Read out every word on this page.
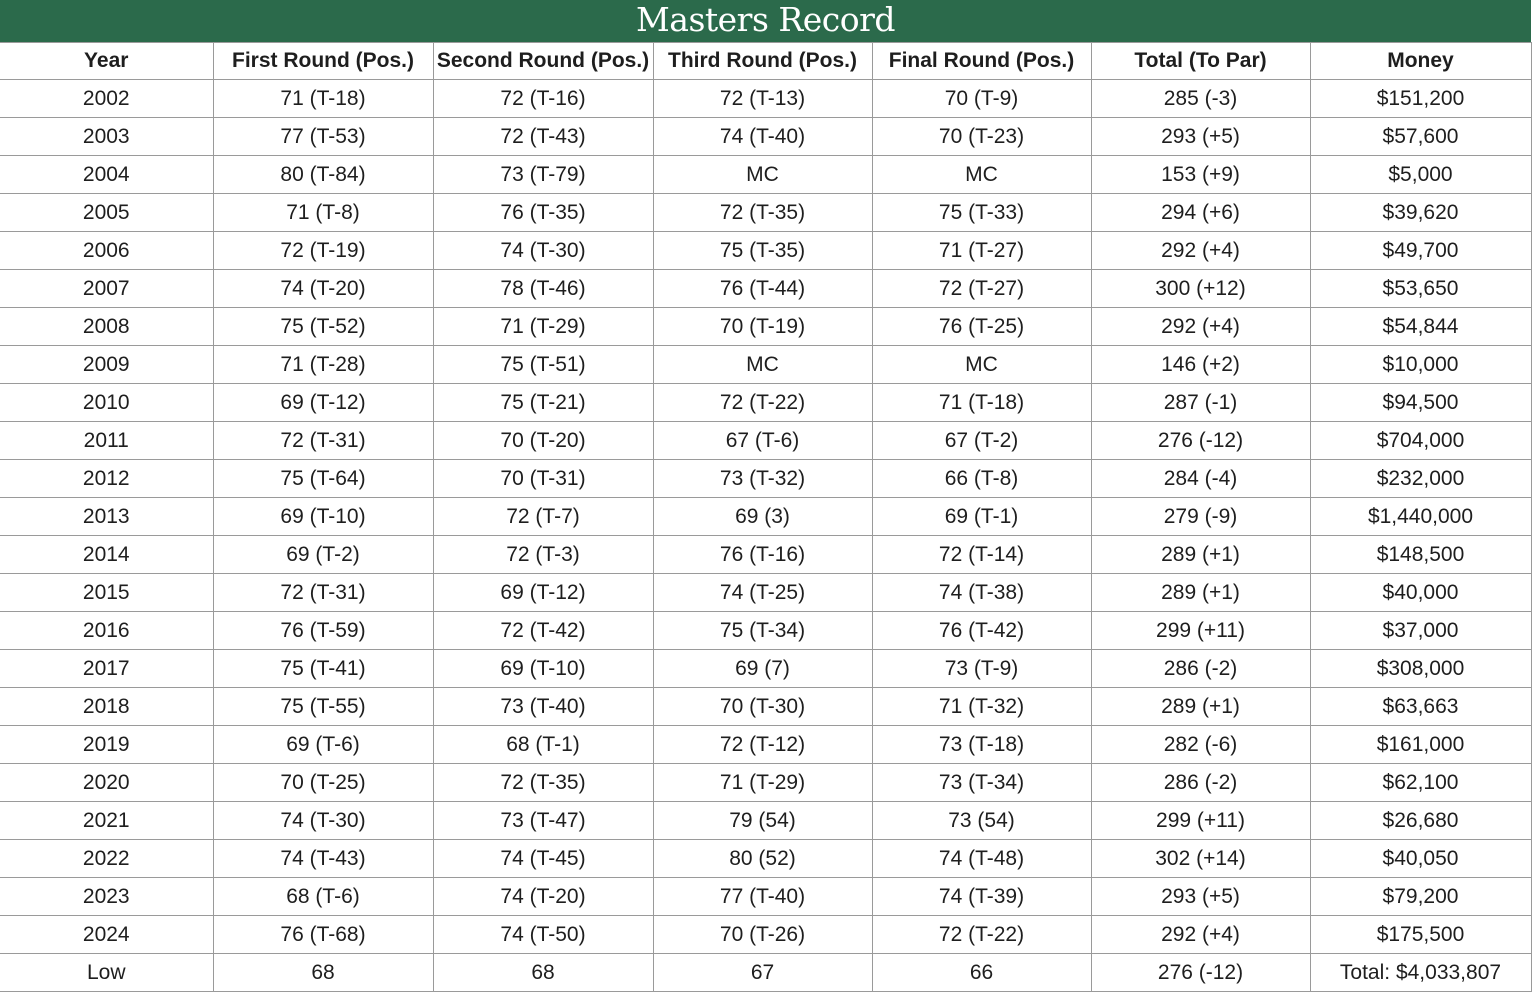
Masters Record
Year	First Round (Pos.)	Second Round (Pos.)	Third Round (Pos.)	Final Round (Pos.)	Total (To Par)	Money
2002	71 (T-18)	72 (T-16)	72 (T-13)	70 (T-9)	285 (-3)	$151,200
2003	77 (T-53)	72 (T-43)	74 (T-40)	70 (T-23)	293 (+5)	$57,600
2004	80 (T-84)	73 (T-79)	MC	MC	153 (+9)	$5,000
2005	71 (T-8)	76 (T-35)	72 (T-35)	75 (T-33)	294 (+6)	$39,620
2006	72 (T-19)	74 (T-30)	75 (T-35)	71 (T-27)	292 (+4)	$49,700
2007	74 (T-20)	78 (T-46)	76 (T-44)	72 (T-27)	300 (+12)	$53,650
2008	75 (T-52)	71 (T-29)	70 (T-19)	76 (T-25)	292 (+4)	$54,844
2009	71 (T-28)	75 (T-51)	MC	MC	146 (+2)	$10,000
2010	69 (T-12)	75 (T-21)	72 (T-22)	71 (T-18)	287 (-1)	$94,500
2011	72 (T-31)	70 (T-20)	67 (T-6)	67 (T-2)	276 (-12)	$704,000
2012	75 (T-64)	70 (T-31)	73 (T-32)	66 (T-8)	284 (-4)	$232,000
2013	69 (T-10)	72 (T-7)	69 (3)	69 (T-1)	279 (-9)	$1,440,000
2014	69 (T-2)	72 (T-3)	76 (T-16)	72 (T-14)	289 (+1)	$148,500
2015	72 (T-31)	69 (T-12)	74 (T-25)	74 (T-38)	289 (+1)	$40,000
2016	76 (T-59)	72 (T-42)	75 (T-34)	76 (T-42)	299 (+11)	$37,000
2017	75 (T-41)	69 (T-10)	69 (7)	73 (T-9)	286 (-2)	$308,000
2018	75 (T-55)	73 (T-40)	70 (T-30)	71 (T-32)	289 (+1)	$63,663
2019	69 (T-6)	68 (T-1)	72 (T-12)	73 (T-18)	282 (-6)	$161,000
2020	70 (T-25)	72 (T-35)	71 (T-29)	73 (T-34)	286 (-2)	$62,100
2021	74 (T-30)	73 (T-47)	79 (54)	73 (54)	299 (+11)	$26,680
2022	74 (T-43)	74 (T-45)	80 (52)	74 (T-48)	302 (+14)	$40,050
2023	68 (T-6)	74 (T-20)	77 (T-40)	74 (T-39)	293 (+5)	$79,200
2024	76 (T-68)	74 (T-50)	70 (T-26)	72 (T-22)	292 (+4)	$175,500
Low	68	68	67	66	276 (-12)	Total: $4,033,807
